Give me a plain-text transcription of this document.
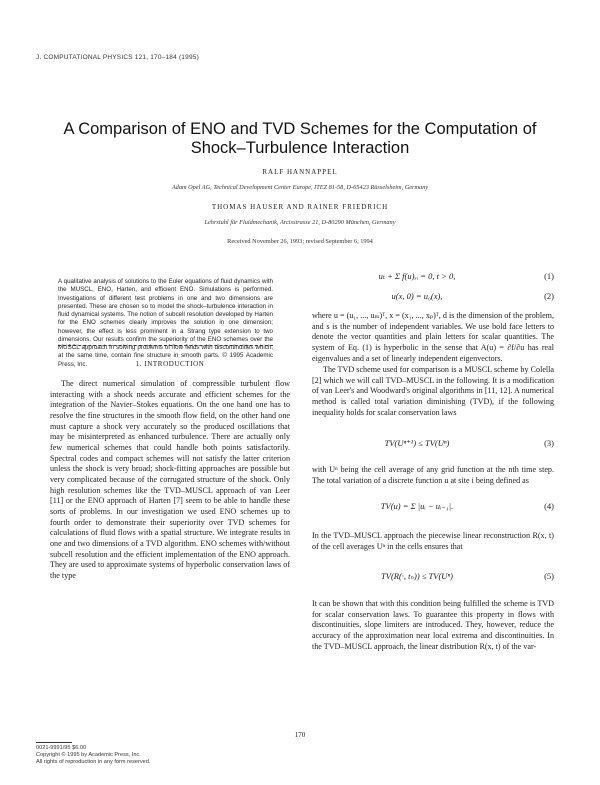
J. COMPUTATIONAL PHYSICS 121, 170–184 (1995)
A Comparison of ENO and TVD Schemes for the Computation of
Shock–Turbulence Interaction
RALF HANNAPPEL
Adam Opel AG, Technical Development Center Europe, ITEZ 81-58, D-65423 Rüsselsheim, Germany
THOMAS HAUSER AND RAINER FRIEDRICH
Lehrstuhl für Fluidmechanik, Arcisstrasse 21, D-80290 München, Germany
Received November 26, 1993; revised September 6, 1994
A qualitative analysis of solutions to the Euler equations of fluid dynamics with the MUSCL, ENO, Harten, and efficient ENO. Simulations is performed. Investigations of different test problems in one and two dimensions are presented. These are chosen so to model the shock–turbulence interaction in fluid dynamical systems. The notion of subcell resolution developed by Harten for the ENO schemes clearly improves the solution in one dimension; however, the effect is less prominent in a Strang type extension to two dimensions. Our results confirm the superiority of the ENO schemes over the MUSCL approach in solving problems of flow fields with discontinuities which, at the same time, contain fine structure in smooth parts. © 1995 Academic Press, Inc.	1. INTRODUCTION

The direct numerical simulation of compressible turbulent flow interacting with a shock needs accurate and efficient schemes for the integration of the Navier–Stokes equations. On the one hand one has to resolve the fine structures in the smooth flow field, on the other hand one must capture a shock very accurately so the produced oscillations that may be misinterpreted as enhanced turbulence. There are actually only few numerical schemes that could handle both points satisfactorily. Spectral codes and compact schemes will not satisfy the latter criterion unless the shock is very broad; shock-fitting approaches are possible but very complicated because of the corrugated structure of the shock. Only high resolution schemes like the TVD–MUSCL approach of van Leer [11] or the ENO approach of Harten [7] seem to be able to handle these sorts of problems. In our investigation we used ENO schemes up to fourth order to demonstrate their superiority over TVD schemes for calculations of fluid flows with a spatial structure. We integrate results in one and two dimensions of a TVD algorithm. ENO schemes with/without subcell resolution and the efficient implementation of the ENO approach. They are used to approximate systems of hyperbolic conservation laws of the type

uₜ + Σ f(u)ₓᵢ = 0, t > 0,	(1)
u(x, 0) = u₀(x),	(2)
where u = (u₁, ..., uₘ)ᵀ, x = (x₁, ..., xₚ)ᵀ, d is the dimension of the problem, and s is the number of independent variables. We use bold face letters to denote the vector quantities and plain letters for scalar quantities. The system of Eq. (1) is hyperbolic in the sense that A(u) = ∂f/∂u has real eigenvalues and a set of linearly independent eigenvectors.
The TVD scheme used for comparison is a MUSCL scheme by Colella [2] which we will call TVD–MUSCL in the following. It is a modification of van Leer's and Woodward's original algorithms in [11, 12]. A numerical method is called total variation diminishing (TVD), if the following inequality holds for scalar conservation laws
TV(Uⁿ⁺¹) ≤ TV(Uⁿ)	(3)
with Uⁿ being the cell average of any grid function at the nth time step. The total variation of a discrete function u at site i being defined as
TV(u) = Σ |uᵢ − uᵢ₋₁|.	(4)
In the TVD–MUSCL approach the piecewise linear reconstruction R(x, t) of the cell averages Uⁿ in the cells ensures that
TV(R(·, tₙ)) ≤ TV(Uⁿ)	(5)
It can be shown that with this condition being fulfilled the scheme is TVD for scalar conservation laws. To guarantee this property in flows with discontinuities, slope limiters are introduced. They, however, reduce the accuracy of the approximation near local extrema and discontinuities. In the TVD–MUSCL approach, the linear distribution R(x, t) of the var-
170
0021-9991/95 $6.00
Copyright © 1995 by Academic Press, Inc.
All rights of reproduction in any form reserved.
